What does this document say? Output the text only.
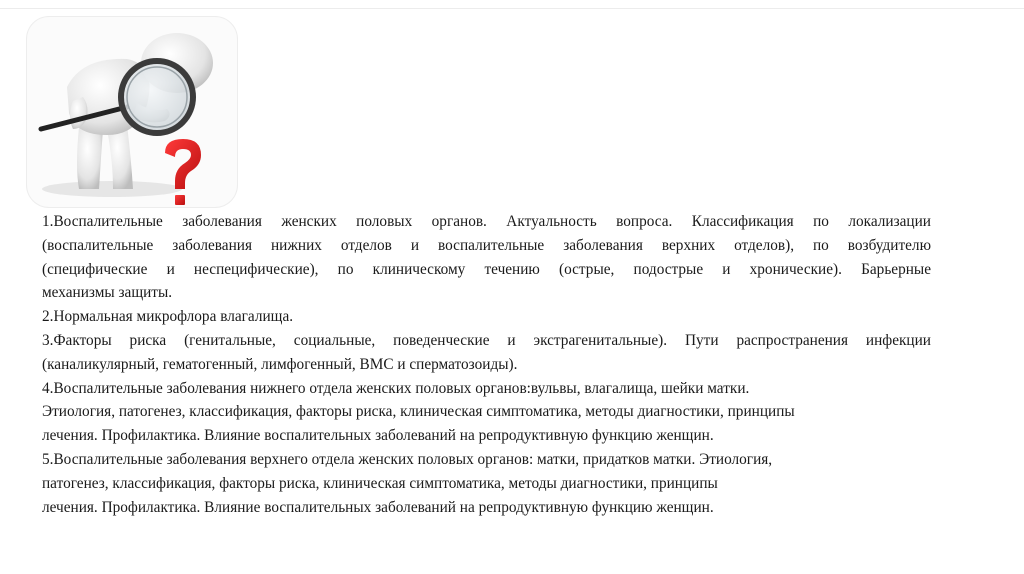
1.Воспалительные заболевания женских половых органов. Актуальность вопроса. Классификация по локализации

(воспалительные заболевания нижних отделов и воспалительные заболевания верхних отделов), по возбудителю

(специфические и неспецифические), по клиническому течению (острые, подострые и хронические). Барьерные

механизмы защиты.

2.Нормальная микрофлора влагалища.

3.Факторы риска (генитальные, социальные, поведенческие и экстрагенитальные). Пути распространения инфекции

(каналикулярный, гематогенный, лимфогенный, ВМС и сперматозоиды).

4.Воспалительные заболевания нижнего отдела женских половых органов:вульвы, влагалища, шейки матки.

Этиология, патогенез, классификация, факторы риска, клиническая симптоматика, методы диагностики, принципы

лечения. Профилактика. Влияние воспалительных заболеваний на репродуктивную функцию женщин.

5.Воспалительные заболевания верхнего отдела женских половых органов: матки, придатков матки. Этиология,

патогенез, классификация, факторы риска, клиническая симптоматика, методы диагностики, принципы

лечения. Профилактика. Влияние воспалительных заболеваний на репродуктивную функцию женщин.
